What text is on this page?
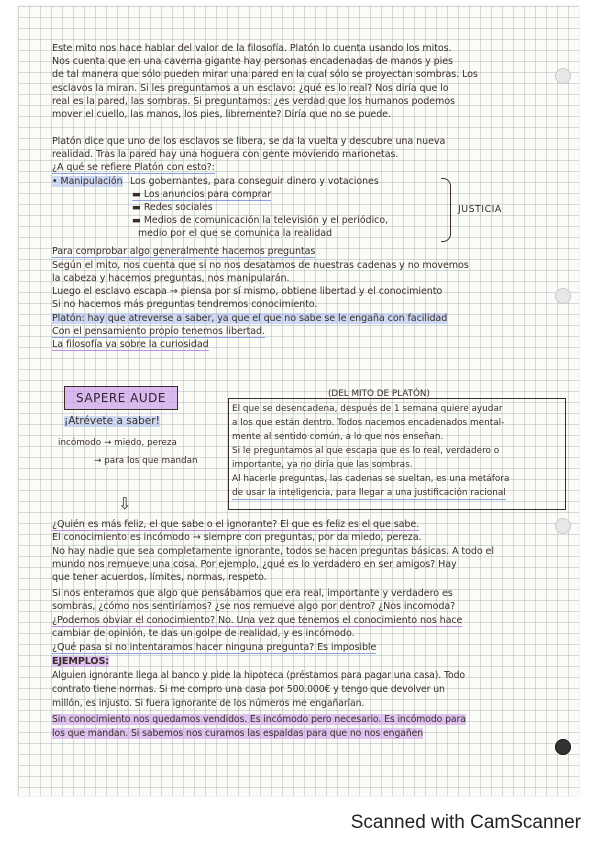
Este mito nos hace hablar del valor de la filosofía. Platón lo cuenta usando los mitos.
Nos cuenta que en una caverna gigante hay personas encadenadas de manos y pies
de tal manera que sólo pueden mirar una pared en la cual sólo se proyectan sombras. Los
esclavos la miran. Si les preguntamos a un esclavo: ¿qué es lo real? Nos diría que lo
real es la pared, las sombras. Si preguntamos: ¿es verdad que los humanos podemos
mover el cuello, las manos, los pies, libremente? Diría que no se puede.
Platón dice que uno de los esclavos se libera, se da la vuelta y descubre una nueva
realidad. Tras la pared hay una hoguera con gente moviendo marionetas.
¿A qué se refiere Platón con esto?:
• Manipulación Los gobernantes, para conseguir dinero y votaciones
▬ Los anuncios para comprar
▬ Redes sociales
▬ Medios de comunicación la televisión y el periódico,
medio por el que se comunica la realidad
JUSTICIA
Para comprobar algo generalmente hacemos preguntas
Según el mito, nos cuenta que si no nos desatamos de nuestras cadenas y no movemos
la cabeza y hacemos preguntas, nos manipularán.
Luego el esclavo escapa → piensa por sí mismo, obtiene libertad y el conocimiento
Si no hacemos más preguntas tendremos conocimiento.
Platón: hay que atreverse a saber, ya que el que no sabe se le engaña con facilidad
Con el pensamiento propio tenemos libertad.
La filosofía va sobre la curiosidad
SAPERE AUDE
¡Atrévete a saber!
incómodo → miedo, pereza
→ para los que mandan
⇩
(DEL MITO DE PLATÓN)
El que se desencadena, después de 1 semana quiere ayudar
a los que están dentro. Todos nacemos encadenados mental-
mente al sentido común, a lo que nos enseñan.
Si le preguntamos al que escapa que es lo real, verdadero o
importante, ya no diría que las sombras.
Al hacerle preguntas, las cadenas se sueltan, es una metáfora
de usar la inteligencia, para llegar a una justificación racional
¿Quién es más feliz, el que sabe o el ignorante? El que es feliz es el que sabe.
El conocimiento es incómodo → siempre con preguntas, por da miedo, pereza.
No hay nadie que sea completamente ignorante, todos se hacen preguntas básicas. A todo el
mundo nos remueve una cosa. Por ejemplo, ¿qué es lo verdadero en ser amigos? Hay
que tener acuerdos, límites, normas, respeto.
Si nos enteramos que algo que pensábamos que era real, importante y verdadero es
sombras, ¿cómo nos sentiríamos? ¿se nos remueve algo por dentro? ¿Nos incomoda?
¿Podemos obviar el conocimiento? No. Una vez que tenemos el conocimiento nos hace
cambiar de opinión, te das un golpe de realidad, y es incómodo.
¿Qué pasa si no intentaramos hacer ninguna pregunta? Es imposible
EJEMPLOS:
Alguien ignorante llega al banco y pide la hipoteca (préstamos para pagar una casa). Todo
contrato tiene normas. Si me compro una casa por 500.000€ y tengo que devolver un
millón, es injusto. Si fuera ignorante de los números me engañarían.
Sin conocimiento nos quedamos vendidos. Es incómodo pero necesario. Es incómodo para
los que mandan. Si sabemos nos curamos las espaldas para que no nos engañen
Scanned with CamScanner
